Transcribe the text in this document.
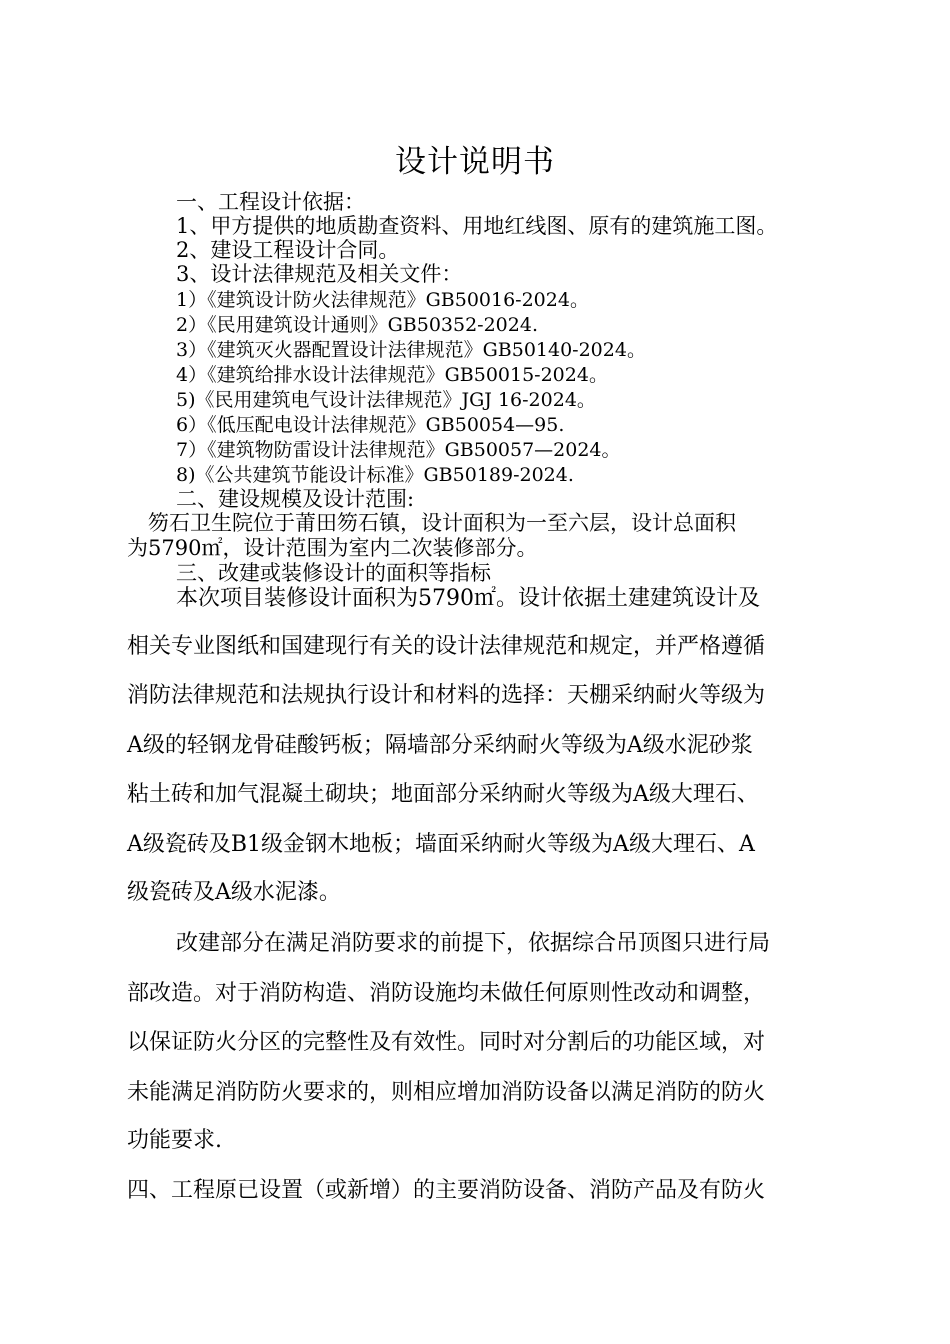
设计说明书
一、工程设计依据：
1、甲方提供的地质勘查资料、用地红线图、原有的建筑施工图。
2、建设工程设计合同。
3、设计法律规范及相关文件：
1）《建筑设计防火法律规范》GB50016-2024。
2）《民用建筑设计通则》GB50352-2024.
3）《建筑灭火器配置设计法律规范》GB50140-2024。
4）《建筑给排水设计法律规范》GB50015-2024。
5)《民用建筑电气设计法律规范》JGJ 16-2024。
6）《低压配电设计法律规范》GB50054—95.
7）《建筑物防雷设计法律规范》GB50057—2024。
8)《公共建筑节能设计标准》GB50189-2024.
二、建设规模及设计范围:
笏石卫生院位于莆田笏石镇，设计面积为一至六层，设计总面积
为5790㎡，设计范围为室内二次装修部分。
三、改建或装修设计的面积等指标
本次项目装修设计面积为5790㎡。设计依据土建建筑设计及
相关专业图纸和国建现行有关的设计法律规范和规定，并严格遵循
消防法律规范和法规执行设计和材料的选择：天棚采纳耐火等级为
A级的轻钢龙骨硅酸钙板；隔墙部分采纳耐火等级为A级水泥砂浆
粘土砖和加气混凝土砌块；地面部分采纳耐火等级为A级大理石、
A级瓷砖及B1级金钢木地板；墙面采纳耐火等级为A级大理石、A
级瓷砖及A级水泥漆。
改建部分在满足消防要求的前提下，依据综合吊顶图只进行局
部改造。对于消防构造、消防设施均未做任何原则性改动和调整，
以保证防火分区的完整性及有效性。同时对分割后的功能区域，对
未能满足消防防火要求的，则相应增加消防设备以满足消防的防火
功能要求.
四、工程原已设置（或新增）的主要消防设备、消防产品及有防火
